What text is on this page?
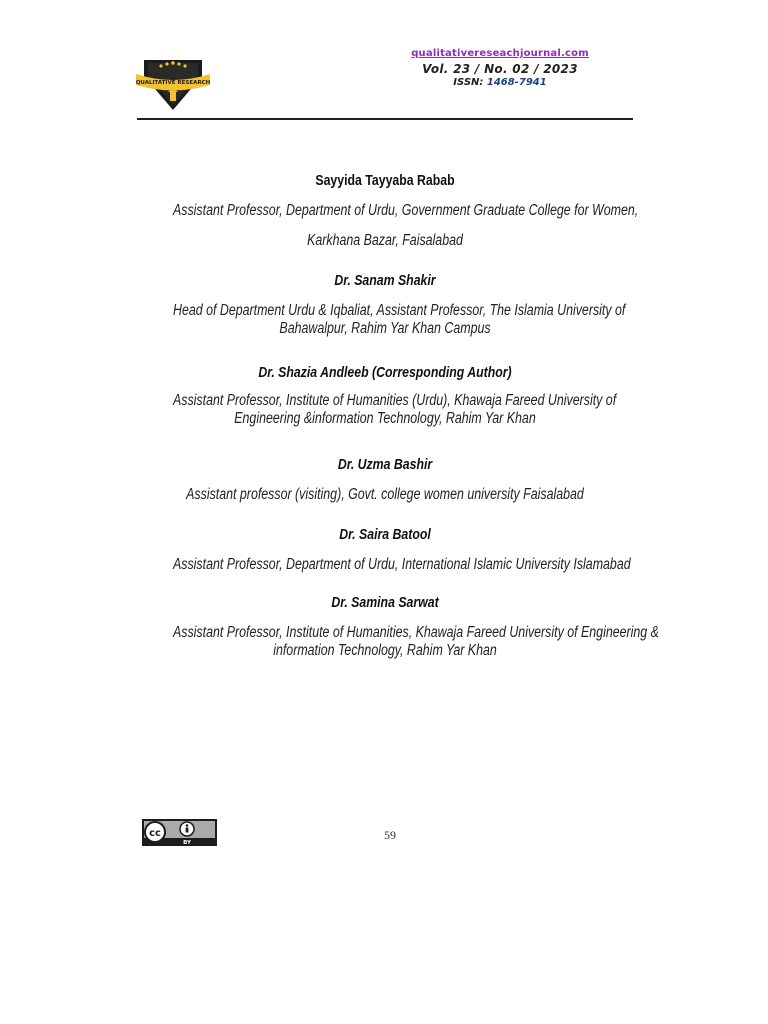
QUALITATIVE RESEARCH
qualitativereseachjournal.com
Vol. 23 / No. 02 / 2023
ISSN: 1468-7941

Sayyida Tayyaba Rabab

Assistant Professor, Department of Urdu, Government Graduate College for Women,
Karkhana Bazar, Faisalabad

Dr. Sanam Shakir

Head of Department Urdu & Iqbaliat, Assistant Professor, The Islamia University of
Bahawalpur, Rahim Yar Khan Campus

Dr. Shazia Andleeb (Corresponding Author)

Assistant Professor, Institute of Humanities (Urdu), Khawaja Fareed University of
Engineering &information Technology, Rahim Yar Khan

Dr. Uzma Bashir

Assistant professor (visiting), Govt. college women university Faisalabad

Dr. Saira Batool

Assistant Professor, Department of Urdu, International Islamic University Islamabad

Dr. Samina Sarwat

Assistant Professor, Institute of Humanities, Khawaja Fareed University of Engineering &
information Technology, Rahim Yar Khan

cc
BY
59
